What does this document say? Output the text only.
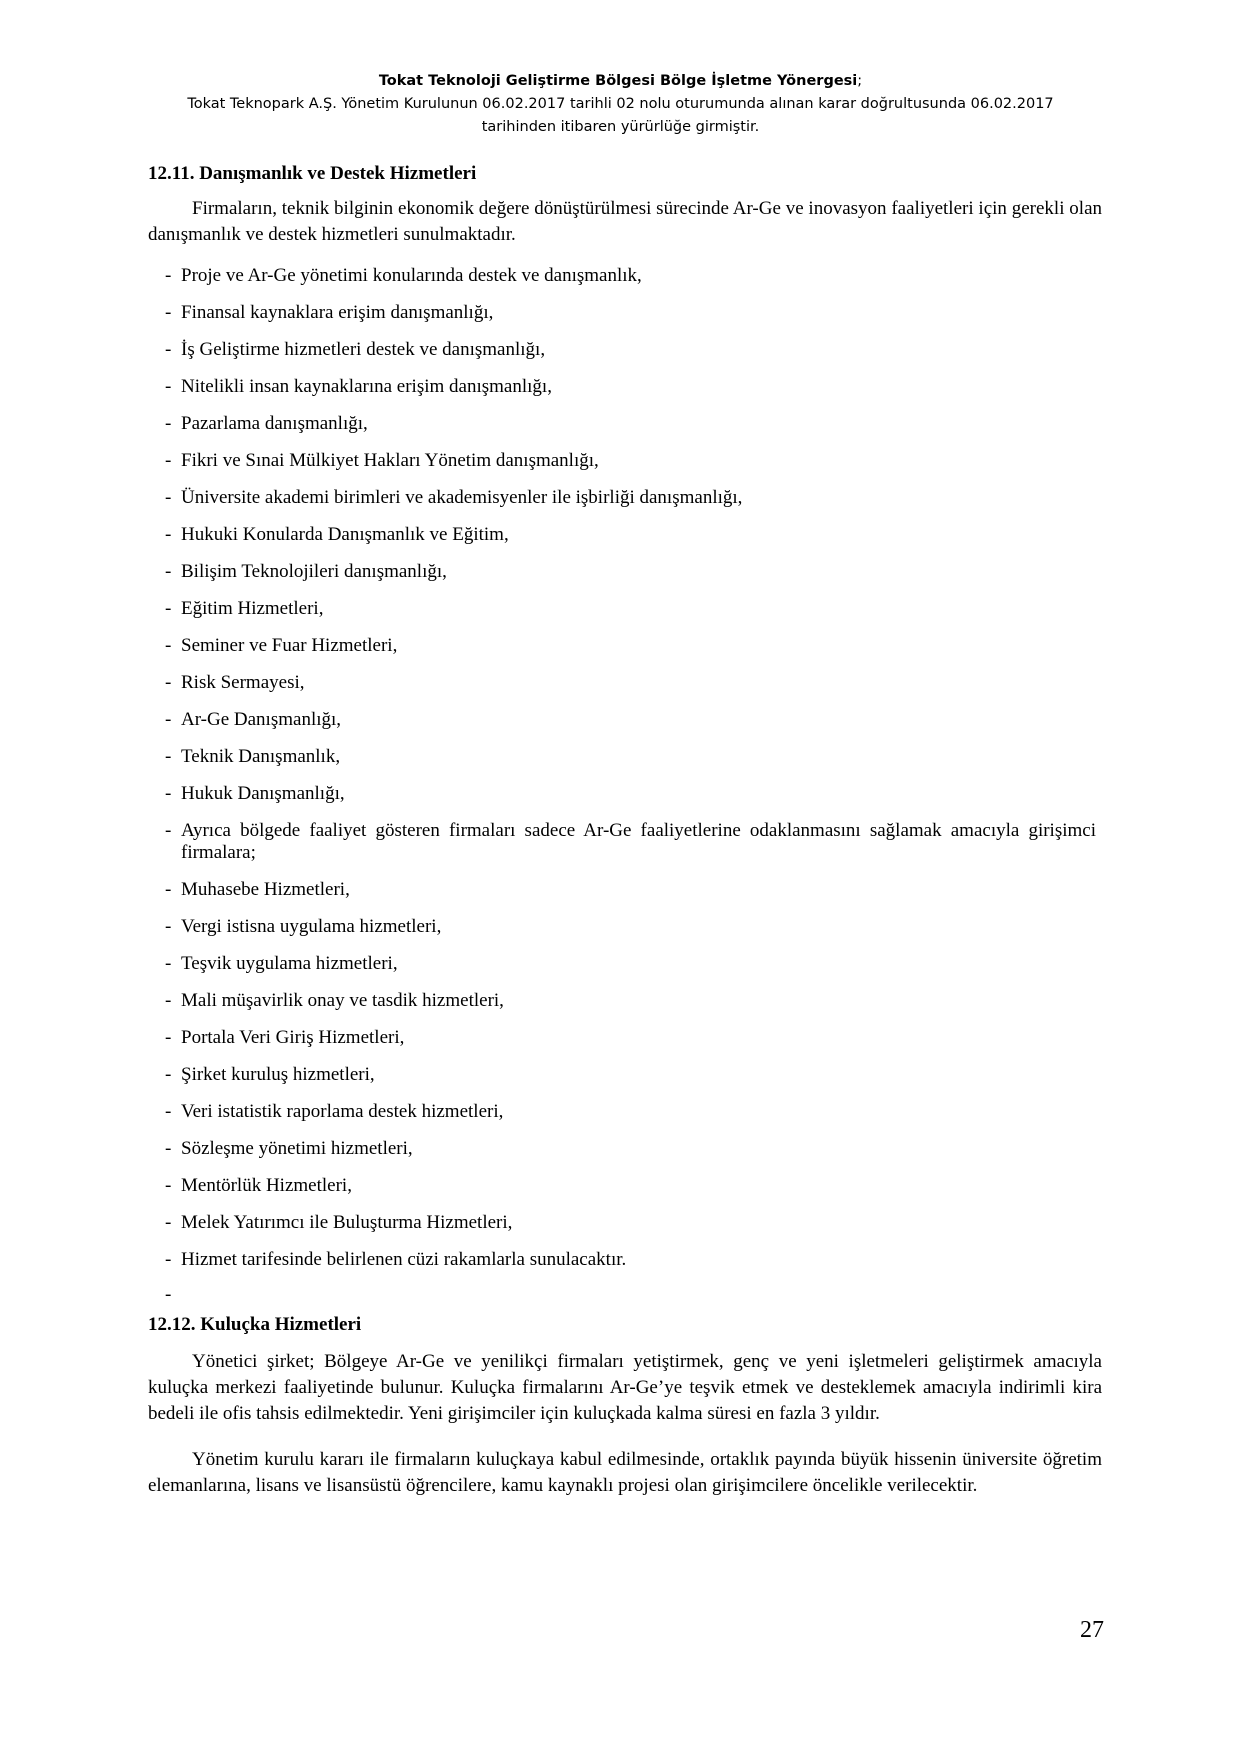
Tokat Teknoloji Geliştirme Bölgesi Bölge İşletme Yönergesi;
Tokat Teknopark A.Ş. Yönetim Kurulunun 06.02.2017 tarihli 02 nolu oturumunda alınan karar doğrultusunda 06.02.2017
tarihinden itibaren yürürlüğe girmiştir.

12.11. Danışmanlık ve Destek Hizmetleri

Firmaların, teknik bilginin ekonomik değere dönüştürülmesi sürecinde Ar-Ge ve inovasyon faaliyetleri için gerekli olan danışmanlık ve destek hizmetleri sunulmaktadır.

- Proje ve Ar-Ge yönetimi konularında destek ve danışmanlık,
- Finansal kaynaklara erişim danışmanlığı,
- İş Geliştirme hizmetleri destek ve danışmanlığı,
- Nitelikli insan kaynaklarına erişim danışmanlığı,
- Pazarlama danışmanlığı,
- Fikri ve Sınai Mülkiyet Hakları Yönetim danışmanlığı,
- Üniversite akademi birimleri ve akademisyenler ile işbirliği danışmanlığı,
- Hukuki Konularda Danışmanlık ve Eğitim,
- Bilişim Teknolojileri danışmanlığı,
- Eğitim Hizmetleri,
- Seminer ve Fuar Hizmetleri,
- Risk Sermayesi,
- Ar-Ge Danışmanlığı,
- Teknik Danışmanlık,
- Hukuk Danışmanlığı,
- Ayrıca bölgede faaliyet gösteren firmaları sadece Ar-Ge faaliyetlerine odaklanmasını sağlamak amacıyla girişimci firmalara;
- Muhasebe Hizmetleri,
- Vergi istisna uygulama hizmetleri,
- Teşvik uygulama hizmetleri,
- Mali müşavirlik onay ve tasdik hizmetleri,
- Portala Veri Giriş Hizmetleri,
- Şirket kuruluş hizmetleri,
- Veri istatistik raporlama destek hizmetleri,
- Sözleşme yönetimi hizmetleri,
- Mentörlük Hizmetleri,
- Melek Yatırımcı ile Buluşturma Hizmetleri,
- Hizmet tarifesinde belirlenen cüzi rakamlarla sunulacaktır.
-

12.12. Kuluçka Hizmetleri

Yönetici şirket; Bölgeye Ar-Ge ve yenilikçi firmaları yetiştirmek, genç ve yeni işletmeleri geliştirmek amacıyla kuluçka merkezi faaliyetinde bulunur. Kuluçka firmalarını Ar-Ge’ye teşvik etmek ve desteklemek amacıyla indirimli kira bedeli ile ofis tahsis edilmektedir. Yeni girişimciler için kuluçkada kalma süresi en fazla 3 yıldır.

Yönetim kurulu kararı ile firmaların kuluçkaya kabul edilmesinde, ortaklık payında büyük hissenin üniversite öğretim elemanlarına, lisans ve lisansüstü öğrencilere, kamu kaynaklı projesi olan girişimcilere öncelikle verilecektir.

27
